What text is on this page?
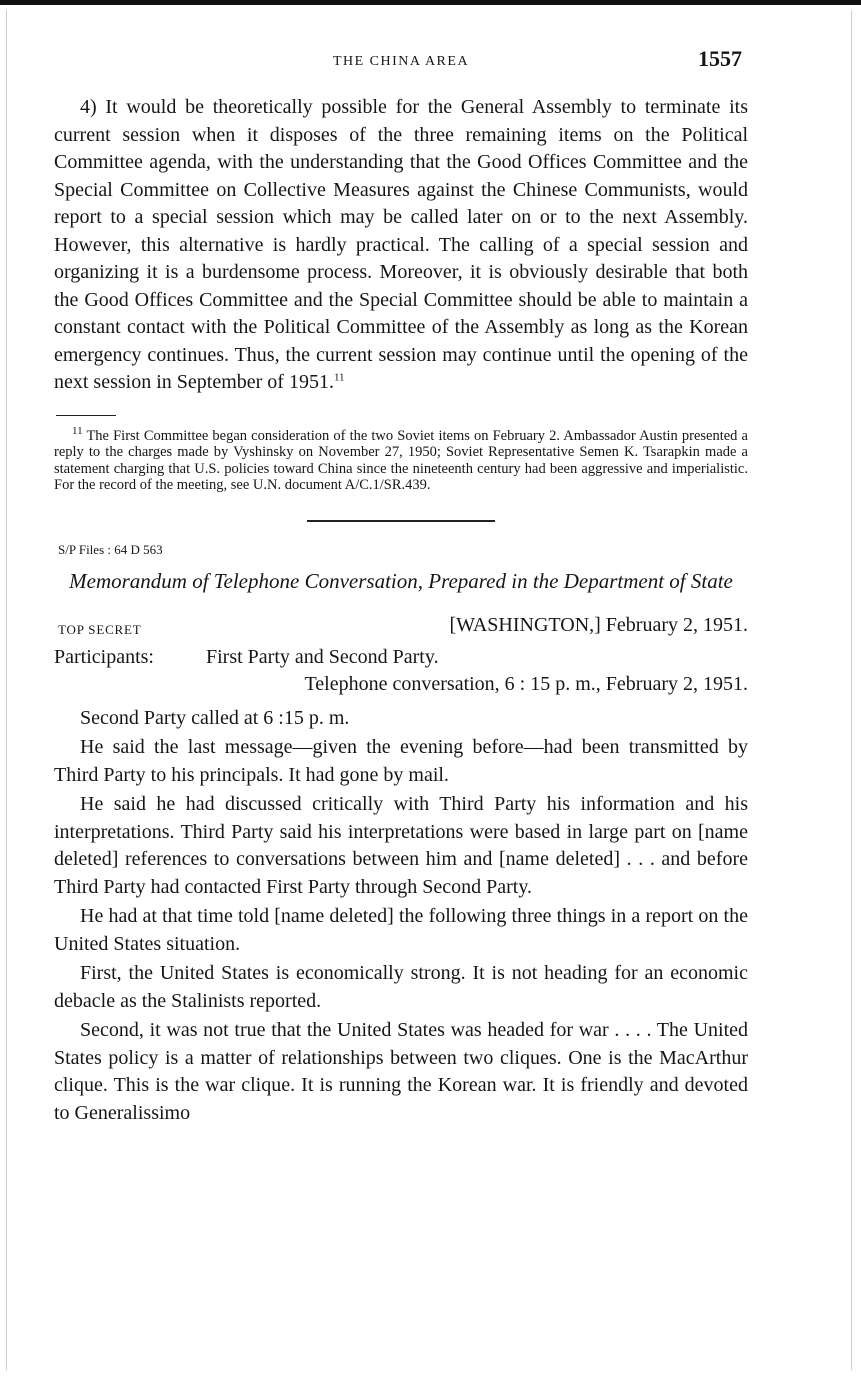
THE CHINA AREA	1557

4) It would be theoretically possible for the General Assembly to terminate its current session when it disposes of the three remaining items on the Political Committee agenda, with the understanding that the Good Offices Committee and the Special Committee on Collective Measures against the Chinese Communists, would report to a special session which may be called later on or to the next Assembly. However, this alternative is hardly practical. The calling of a special session and organizing it is a burdensome process. Moreover, it is obviously desirable that both the Good Offices Committee and the Special Committee should be able to maintain a constant contact with the Political Committee of the Assembly as long as the Korean emergency continues. Thus, the current session may continue until the opening of the next session in September of 1951.11

$^{11}$ The First Committee began consideration of the two Soviet items on February 2. Ambassador Austin presented a reply to the charges made by Vyshinsky on November 27, 1950; Soviet Representative Semen K. Tsarapkin made a statement charging that U.S. policies toward China since the nineteenth century had been aggressive and imperialistic. For the record of the meeting, see U.N. document A/C.1/SR.439.

S/P Files : 64 D 563
Memorandum of Telephone Conversation, Prepared in the Department of State
TOP SECRET	[WASHINGTON,] February 2, 1951.
Participants:	First Party and Second Party.
Telephone conversation, 6 : 15 p. m., February 2, 1951.

Second Party called at 6 :15 p. m.

He said the last message—given the evening before—had been transmitted by Third Party to his principals. It had gone by mail.

He said he had discussed critically with Third Party his information and his interpretations. Third Party said his interpretations were based in large part on [name deleted] references to conversations between him and [name deleted] . . . and before Third Party had contacted First Party through Second Party.

He had at that time told [name deleted] the following three things in a report on the United States situation.

First, the United States is economically strong. It is not heading for an economic debacle as the Stalinists reported.

Second, it was not true that the United States was headed for war . . . . The United States policy is a matter of relationships between two cliques. One is the MacArthur clique. This is the war clique. It is running the Korean war. It is friendly and devoted to Generalissimo
